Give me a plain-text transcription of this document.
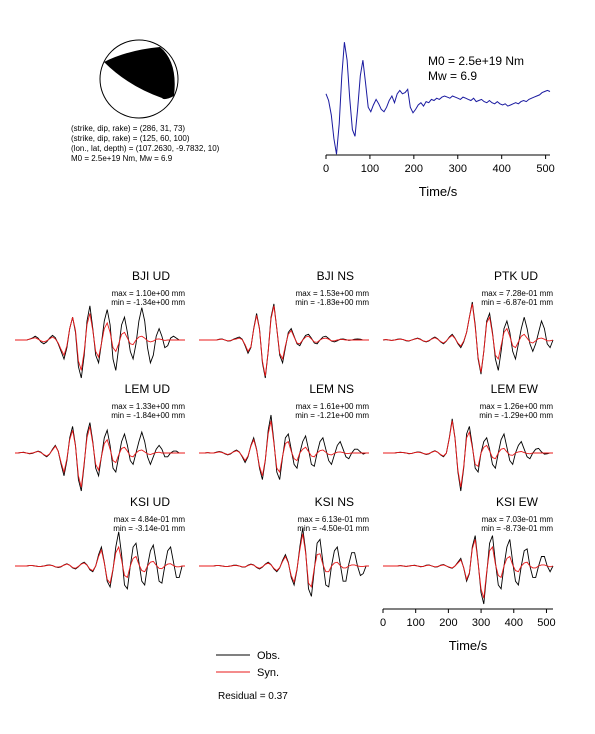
(strike, dip, rake) = (286, 31, 73)
(strike, dip, rake) = (125, 60, 100)
(lon., lat, depth) = (107.2630, -9.7832, 10)
M0 = 2.5e+19 Nm, Mw = 6.9
0	100 200 300 400 500
M0 = 2.5e+19 Nm
Mw = 6.9
Time/s
BJI UD
max = 1.10e+00 mm
min = -1.34e+00 mm
BJI NS
max = 1.53e+00 mm
min = -1.83e+00 mm
PTK UD
max = 7.28e-01 mm
min = -6.87e-01 mm
LEM UD
max = 1.33e+00 mm
min = -1.84e+00 mm
LEM NS
max = 1.61e+00 mm
min = -1.21e+00 mm
LEM EW
max = 1.26e+00 mm
min = -1.29e+00 mm
KSI UD
max = 4.84e-01 mm
min = -3.14e-01 mm
KSI NS
max = 6.13e-01 mm
min = -4.50e-01 mm
KSI EW
max = 7.03e-01 mm
min = -8.73e-01 mm
0 100 200 300 400 500
Time/s
Obs.
Syn.
Residual = 0.37
